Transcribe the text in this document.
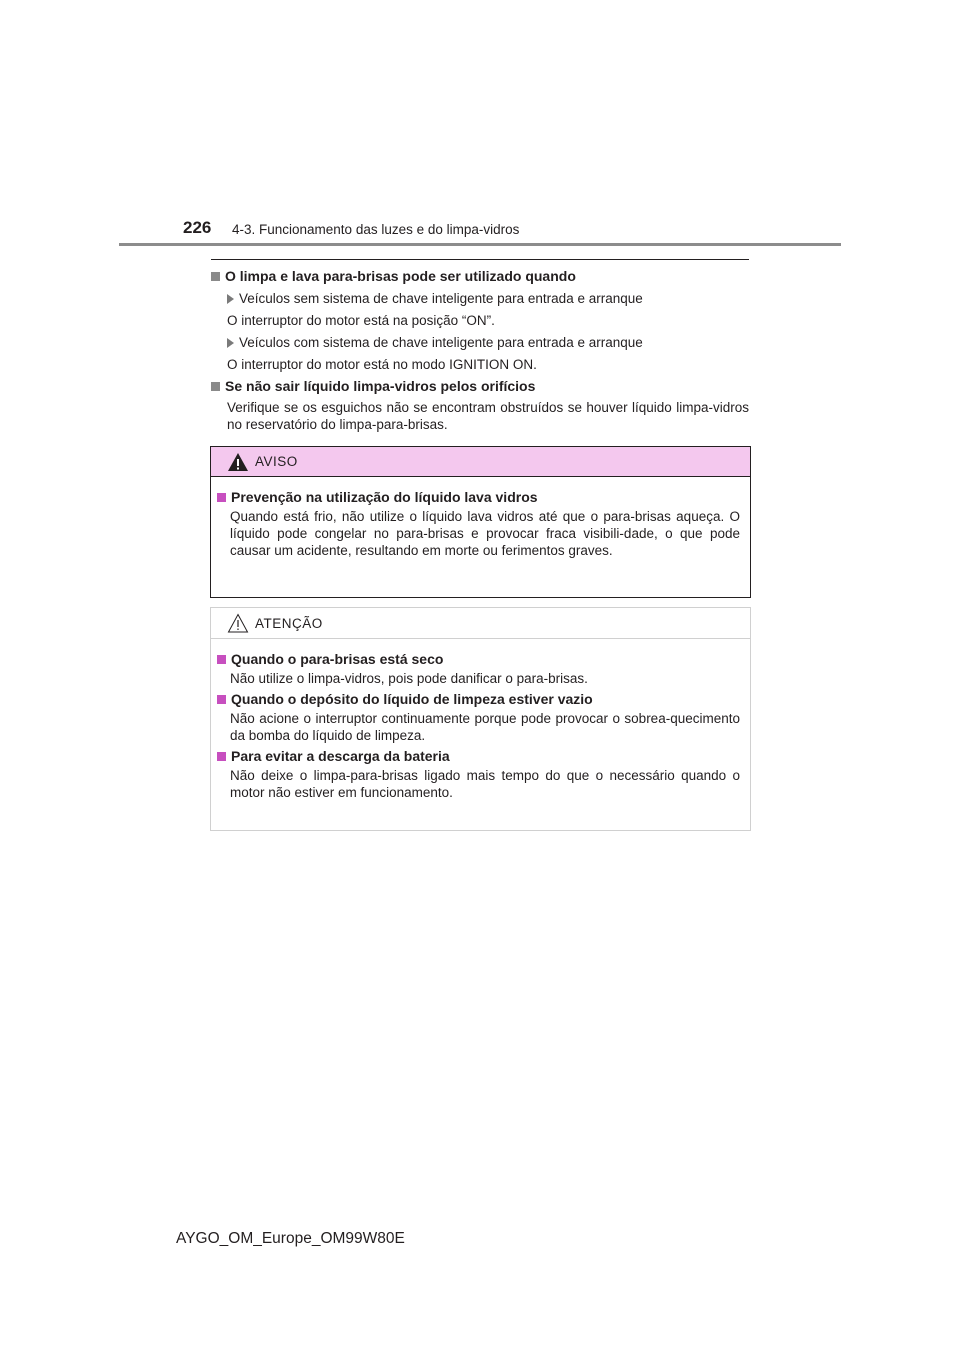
226 4-3. Funcionamento das luzes e do limpa-vidros
O limpa e lava para-brisas pode ser utilizado quando
Veículos sem sistema de chave inteligente para entrada e arranque
O interruptor do motor está na posição “ON”.
Veículos com sistema de chave inteligente para entrada e arranque
O interruptor do motor está no modo IGNITION ON.
Se não sair líquido limpa-vidros pelos orifícios
Verifique se os esguichos não se encontram obstruídos se houver líquido limpa-vidros no reservatório do limpa-para-brisas.
AVISO
Prevenção na utilização do líquido lava vidros
Quando está frio, não utilize o líquido lava vidros até que o para-brisas aqueça. O líquido pode congelar no para-brisas e provocar fraca visibili-dade, o que pode causar um acidente, resultando em morte ou ferimentos graves.
ATENÇÃO
Quando o para-brisas está seco
Não utilize o limpa-vidros, pois pode danificar o para-brisas.
Quando o depósito do líquido de limpeza estiver vazio
Não acione o interruptor continuamente porque pode provocar o sobrea-quecimento da bomba do líquido de limpeza.
Para evitar a descarga da bateria
Não deixe o limpa-para-brisas ligado mais tempo do que o necessário quando o motor não estiver em funcionamento.
AYGO_OM_Europe_OM99W80E
